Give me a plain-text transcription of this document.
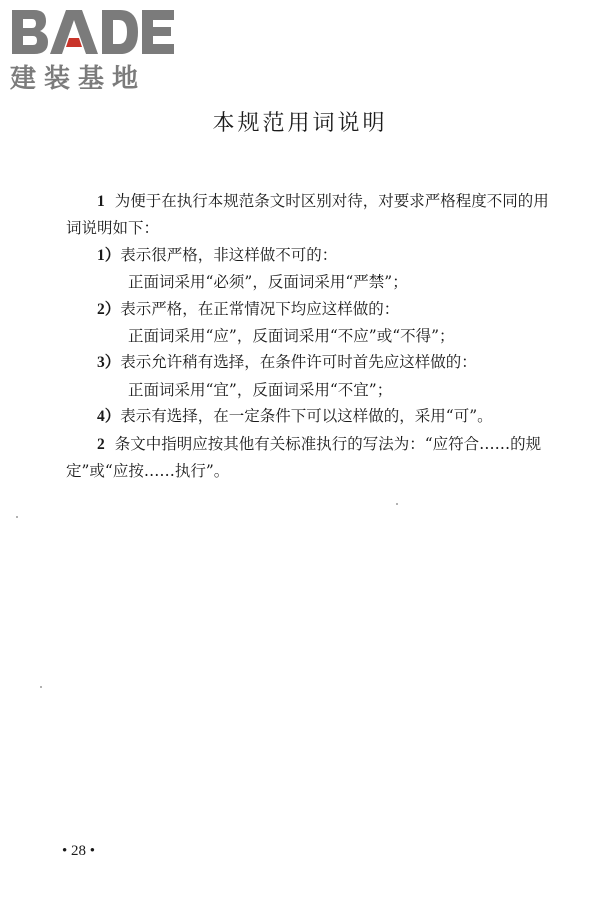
建装基地
本规范用词说明

1 为便于在执行本规范条文时区别对待，对要求严格程度不同的用词说明如下：

1）表示很严格，非这样做不可的：

正面词采用“必须”，反面词采用“严禁”；

2）表示严格，在正常情况下均应这样做的：

正面词采用“应”，反面词采用“不应”或“不得”；

3）表示允许稍有选择，在条件许可时首先应这样做的：

正面词采用“宜”，反面词采用“不宜”；

4）表示有选择，在一定条件下可以这样做的，采用“可”。

2 条文中指明应按其他有关标准执行的写法为：“应符合……的规定”或“应按……执行”。

• 28 •
